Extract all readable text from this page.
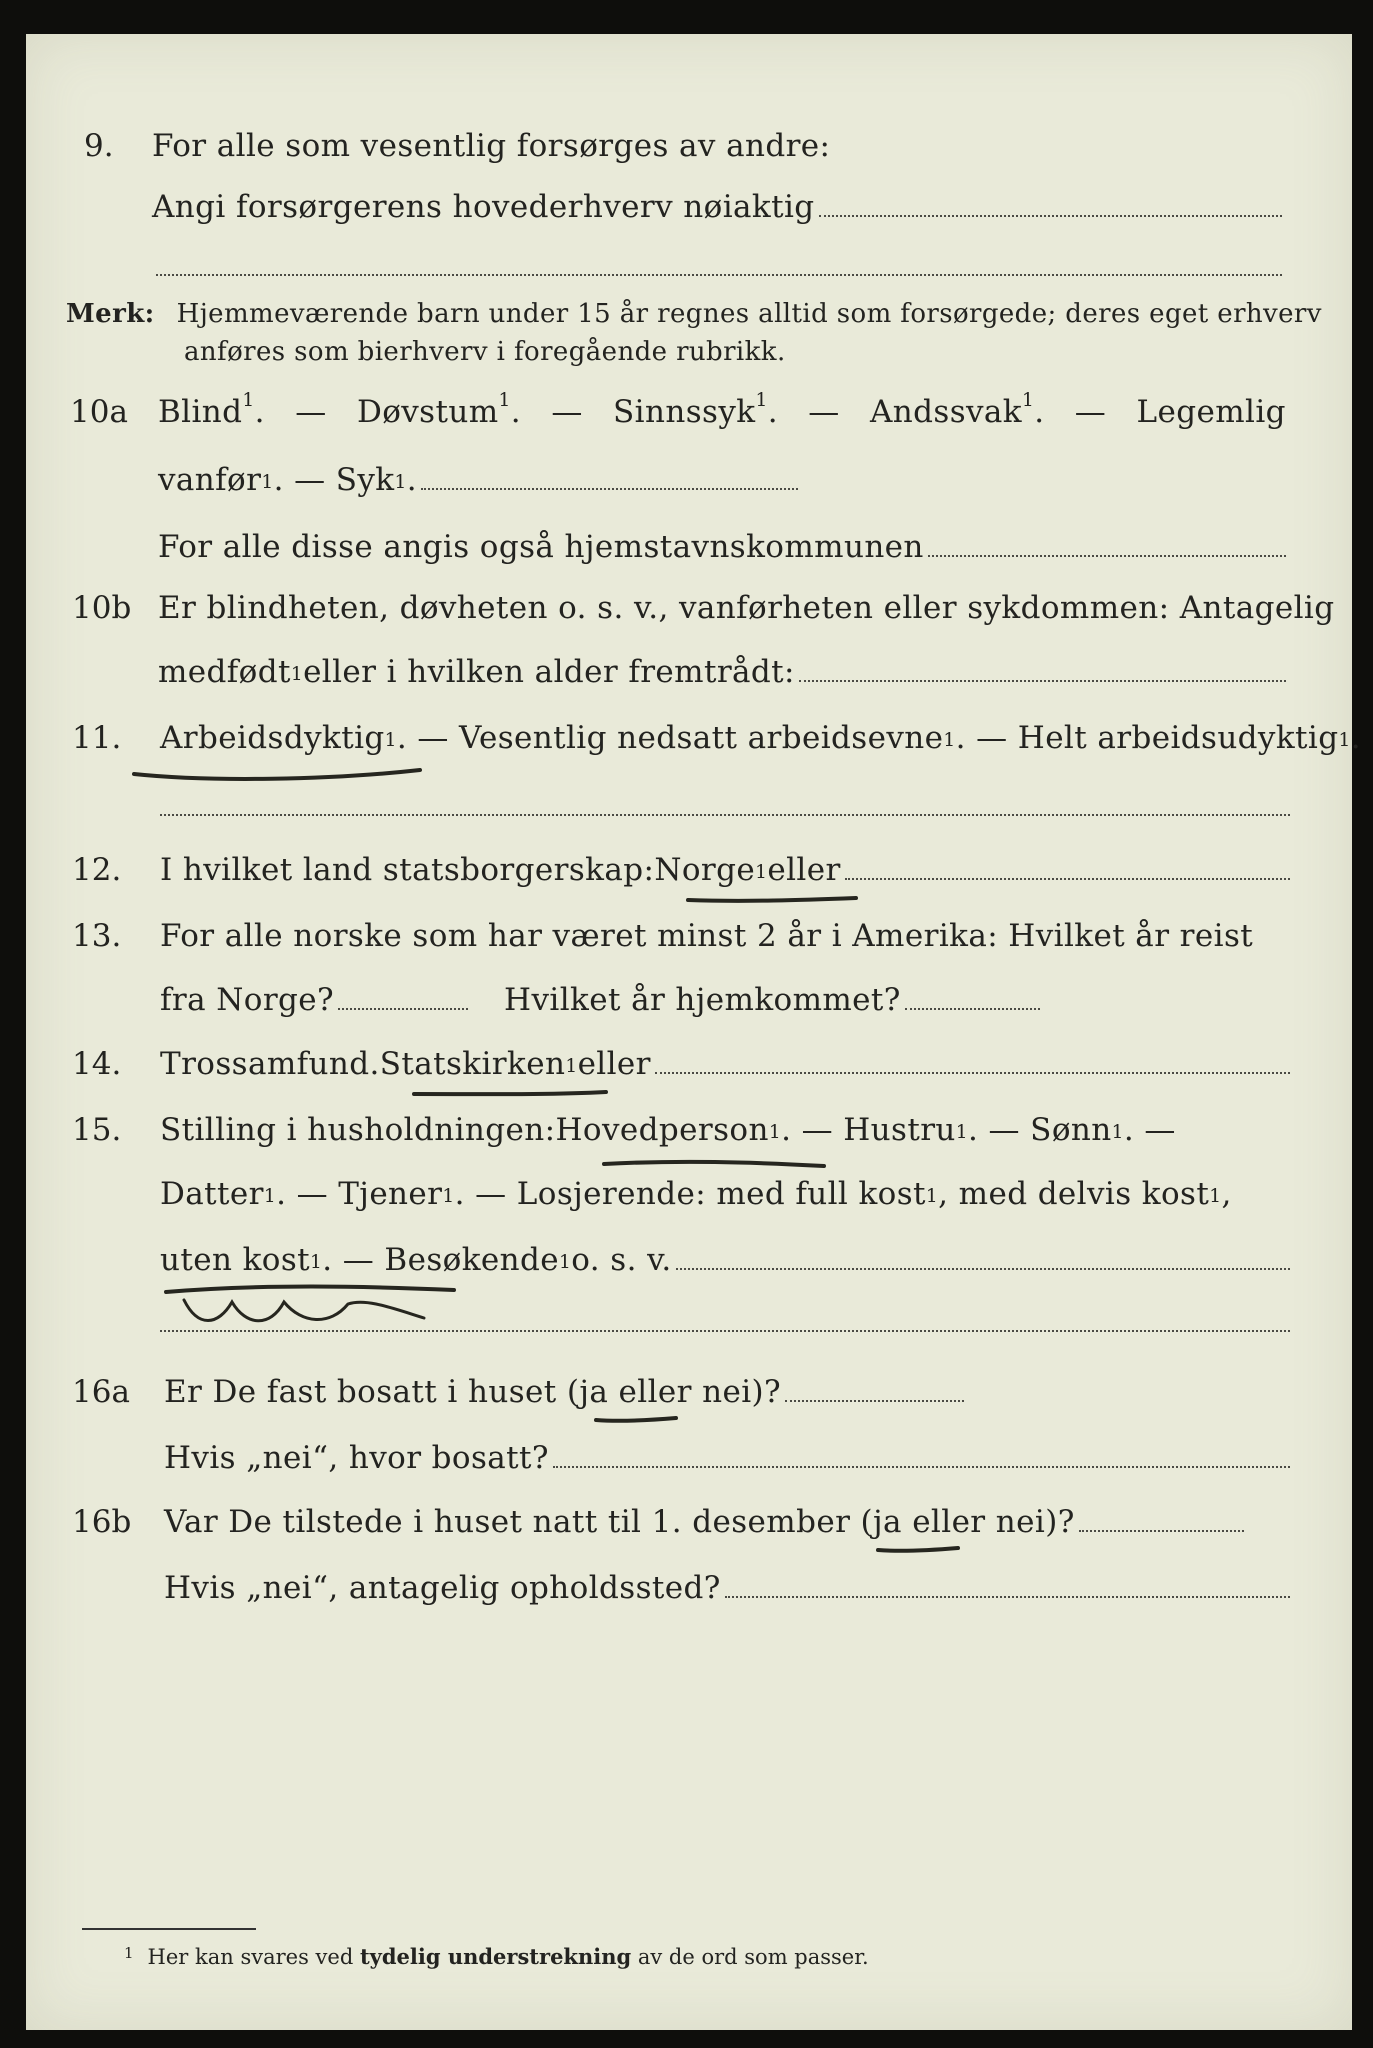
9. For alle som vesentlig forsørges av andre:
Angi forsørgerens hovederhverv nøiaktig
Merk: Hjemmeværende barn under 15 år regnes alltid som forsørgede; deres eget erhverv
anføres som bierhverv i foregående rubrikk.
10a Blind$^1$. — Døvstum$^1$. — Sinnssyk$^1$. — Andssvak$^1$. — Legemlig
vanfør$^1$ . — Syk$^1$ .
For alle disse angis også hjemstavnskommunen
10b Er blindheten, døvheten o. s. v., vanførheten eller sykdommen: Antagelig
medfødt$^1$ eller i hvilken alder fremtrådt:
11. Arbeidsdyktig$^1$ . — Vesentlig nedsatt arbeidsevne$^1$ . — Helt arbeidsudyktig$^1$ .
12. I hvilket land statsborgerskap: Norge$^1$ eller
13. For alle norske som har været minst 2 år i Amerika: Hvilket år reist
fra Norge?	Hvilket år hjemkommet?
14. Trossamfund. Statskirken$^1$ eller
15. Stilling i husholdningen: Hovedperson$^1$ . — Hustru$^1$ . — Sønn$^1$ . —
Datter$^1$ . — Tjener$^1$ . — Losjerende: med full kost$^1$ , med delvis kost$^1$ ,
uten kost$^1$ . — Besøkende$^1$ o. s. v.
16a Er De fast bosatt i huset (ja eller nei)?
Hvis „nei“, hvor bosatt?
16b Var De tilstede i huset natt til 1. desember (ja eller nei)?
Hvis „nei“, antagelig opholdssted?
$^1$ Her kan svares ved tydelig understrekning av de ord som passer.
